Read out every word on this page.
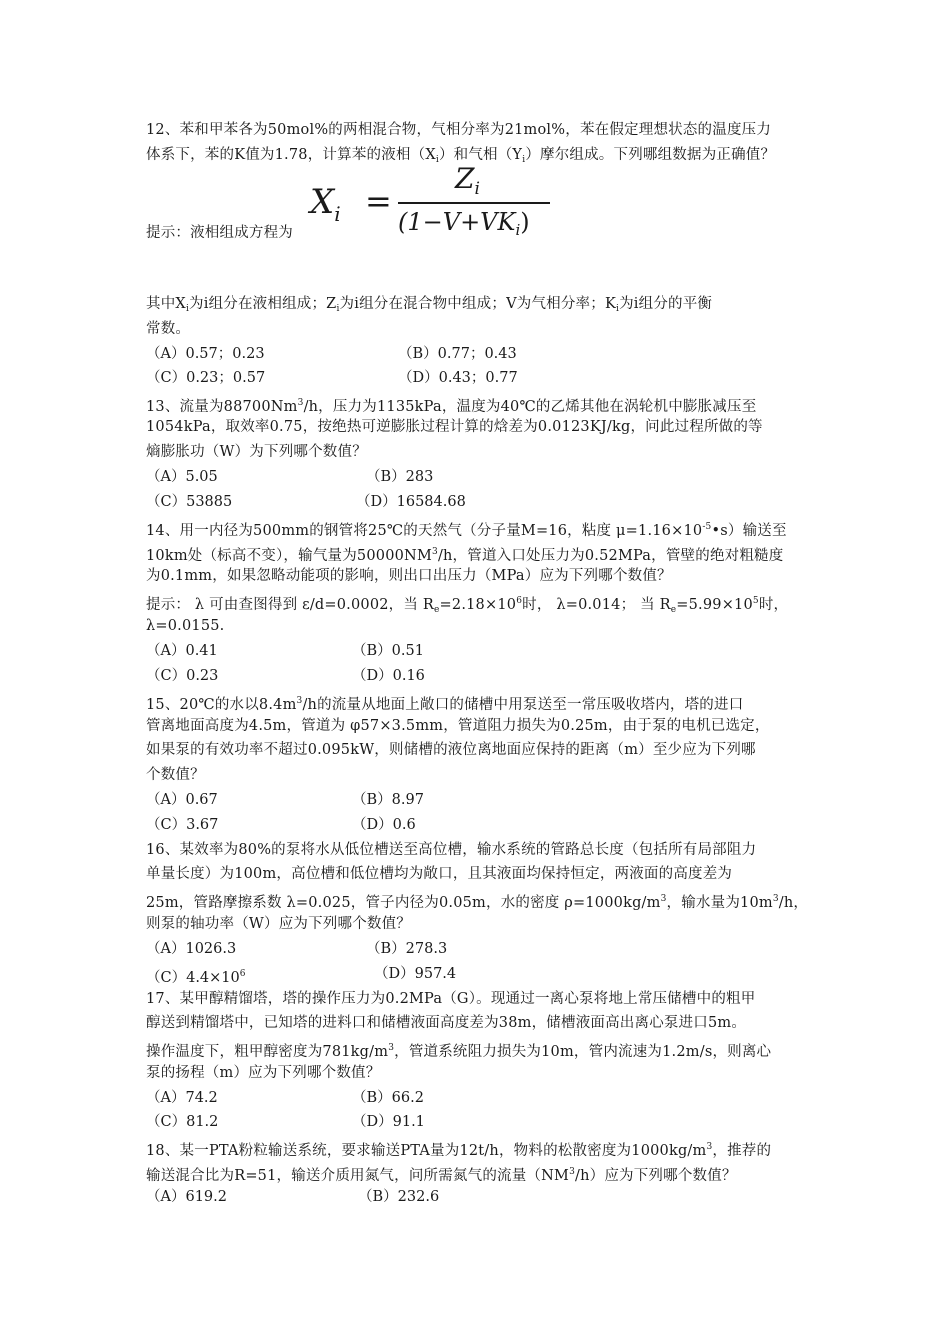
12、苯和甲苯各为50mol%的两相混合物，气相分率为21mol%，苯在假定理想状态的温度压力
体系下，苯的K值为1.78，计算苯的液相$(X_i)$和气相$(Y_i)$摩尔组成。下列哪组数据为正确值？
$X_i$ =
$Z_i$
$(1-V+VK_i)$
提示：液相组成方程为
其中$X_i$为i组分在液相组成；$Z_i$为i组分在混合物中组成；V为气相分率；$K_i$为i组分的平衡
常数。
（A）0.57；0.23	（B）0.77；0.43
（C）0.23；0.57	（D）0.43；0.77
13、流量为88700Nm$^3$/h，压力为1135kPa，温度为40℃的乙烯其他在涡轮机中膨胀减压至
1054kPa，取效率0.75，按绝热可逆膨胀过程计算的焓差为0.0123KJ/kg，问此过程所做的等
熵膨胀功（W）为下列哪个数值？
（A）5.05	（B）283
（C）53885	（D）16584.68
14、用一内径为500mm的钢管将25℃的天然气（分子量M=16，粘度 $\mu=1.16\times 10^{-5}•s$）输送至
10km处（标高不变），输气量为$50000NM^3/h$，管道入口处压力为0.52MPa，管壁的绝对粗糙度
为0.1mm，如果忽略动能项的影响，则出口出压力（MPa）应为下列哪个数值？
提示： λ 可由查图得到 ε/d=0.0002，当 $R_e=2.18\times 10^6$时， λ=0.014； 当 $R_e=5.99\times 10^5$时，
λ=0.0155.
（A）0.41	（B）0.51
（C）0.23	（D）0.16
15、20℃的水以$8.4m^3/h$的流量从地面上敞口的储槽中用泵送至一常压吸收塔内，塔的进口
管离地面高度为4.5m，管道为 φ57×3.5mm，管道阻力损失为0.25m，由于泵的电机已选定，
如果泵的有效功率不超过0.095kW，则储槽的液位离地面应保持的距离（m）至少应为下列哪
个数值？
（A）0.67	（B）8.97
（C）3.67	（D）0.6
16、某效率为80%的泵将水从低位槽送至高位槽，输水系统的管路总长度（包括所有局部阻力
单量长度）为100m，高位槽和低位槽均为敞口，且其液面均保持恒定，两液面的高度差为
25m，管路摩擦系数 λ=0.025，管子内径为0.05m，水的密度 $\rho=1000kg/m^3$，输水量为$10m^3/h$，
则泵的轴功率（W）应为下列哪个数值？
（A）1026.3	（B）278.3
$(C)4.4\times 10^6$	（D）957.4
17、某甲醇精馏塔，塔的操作压力为0.2MPa（G）。现通过一离心泵将地上常压储槽中的粗甲
醇送到精馏塔中，已知塔的进料口和储槽液面高度差为38m，储槽液面高出离心泵进口5m。
操作温度下，粗甲醇密度为$781kg/m^3$，管道系统阻力损失为10m，管内流速为1.2m/s，则离心
泵的扬程（m）应为下列哪个数值？
（A）74.2	（B）66.2
（C）81.2	（D）91.1
18、某一PTA粉粒输送系统，要求输送PTA量为12t/h，物料的松散密度为$1000kg/m^3$，推荐的
输送混合比为R=51，输送介质用氮气，问所需氮气的流量$(NM^3/h)$应为下列哪个数值？
（A）619.2	（B）232.6
